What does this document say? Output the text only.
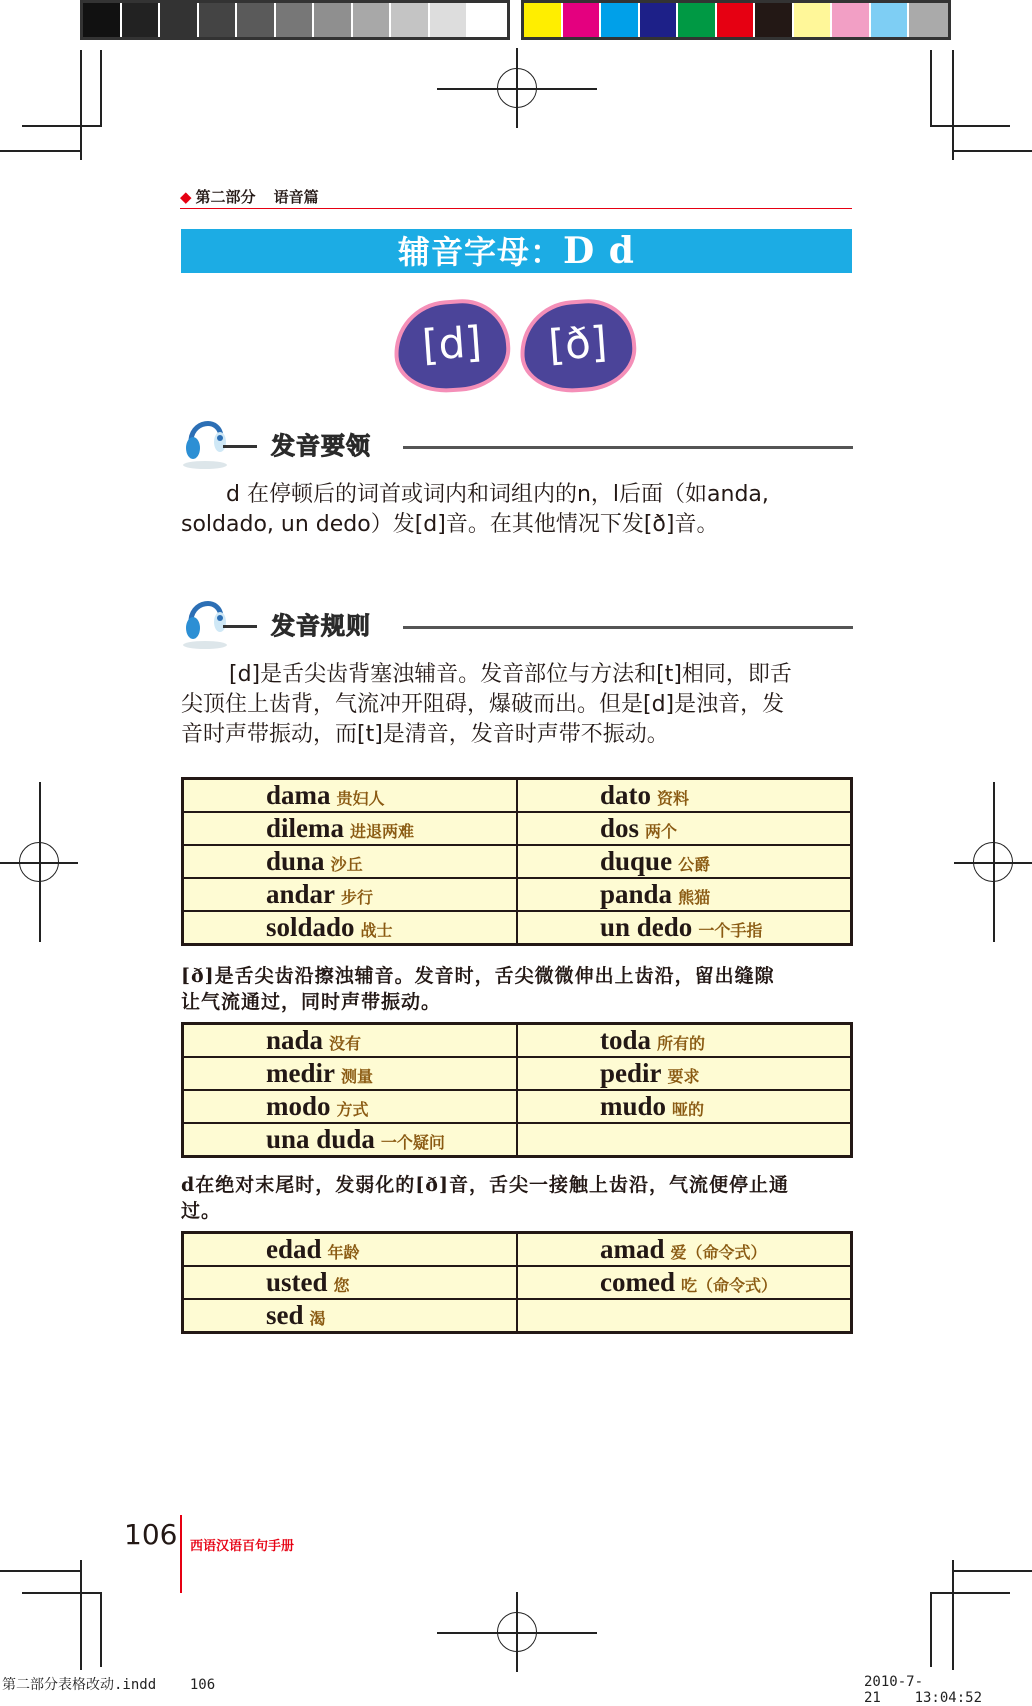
◆ 第二部分 语音篇
辅音字母：D d
[d]	[ð]
发音要领
d 在停顿后的词首或词内和词组内的n，l后面（如anda,
soldado, un dedo）发[d]音。在其他情况下发[ð]音。
发音规则
[d]是舌尖齿背塞浊辅音。发音部位与方法和[t]相同，即舌
尖顶住上齿背，气流冲开阻碍，爆破而出。但是[d]是浊音，发
音时声带振动，而[t]是清音，发音时声带不振动。
dama 贵妇人	dato 资料
dilema 进退两难	dos 两个
duna 沙丘	duque 公爵
andar 步行	panda 熊猫
soldado 战士	un dedo 一个手指
[ð]是舌尖齿沿擦浊辅音。发音时，舌尖微微伸出上齿沿，留出缝隙
让气流通过，同时声带振动。
nada 没有	toda 所有的
medir 测量	pedir 要求
modo 方式	mudo 哑的
una duda 一个疑问	
d在绝对末尾时，发弱化的[ð]音，舌尖一接触上齿沿，气流便停止通
过。
edad 年龄	amad 爱（命令式）
usted 您	comed 吃（命令式）
sed 渴	
106 西语汉语百句手册
第二部分表格改动.indd 106	2010-7-21 13:04:52
